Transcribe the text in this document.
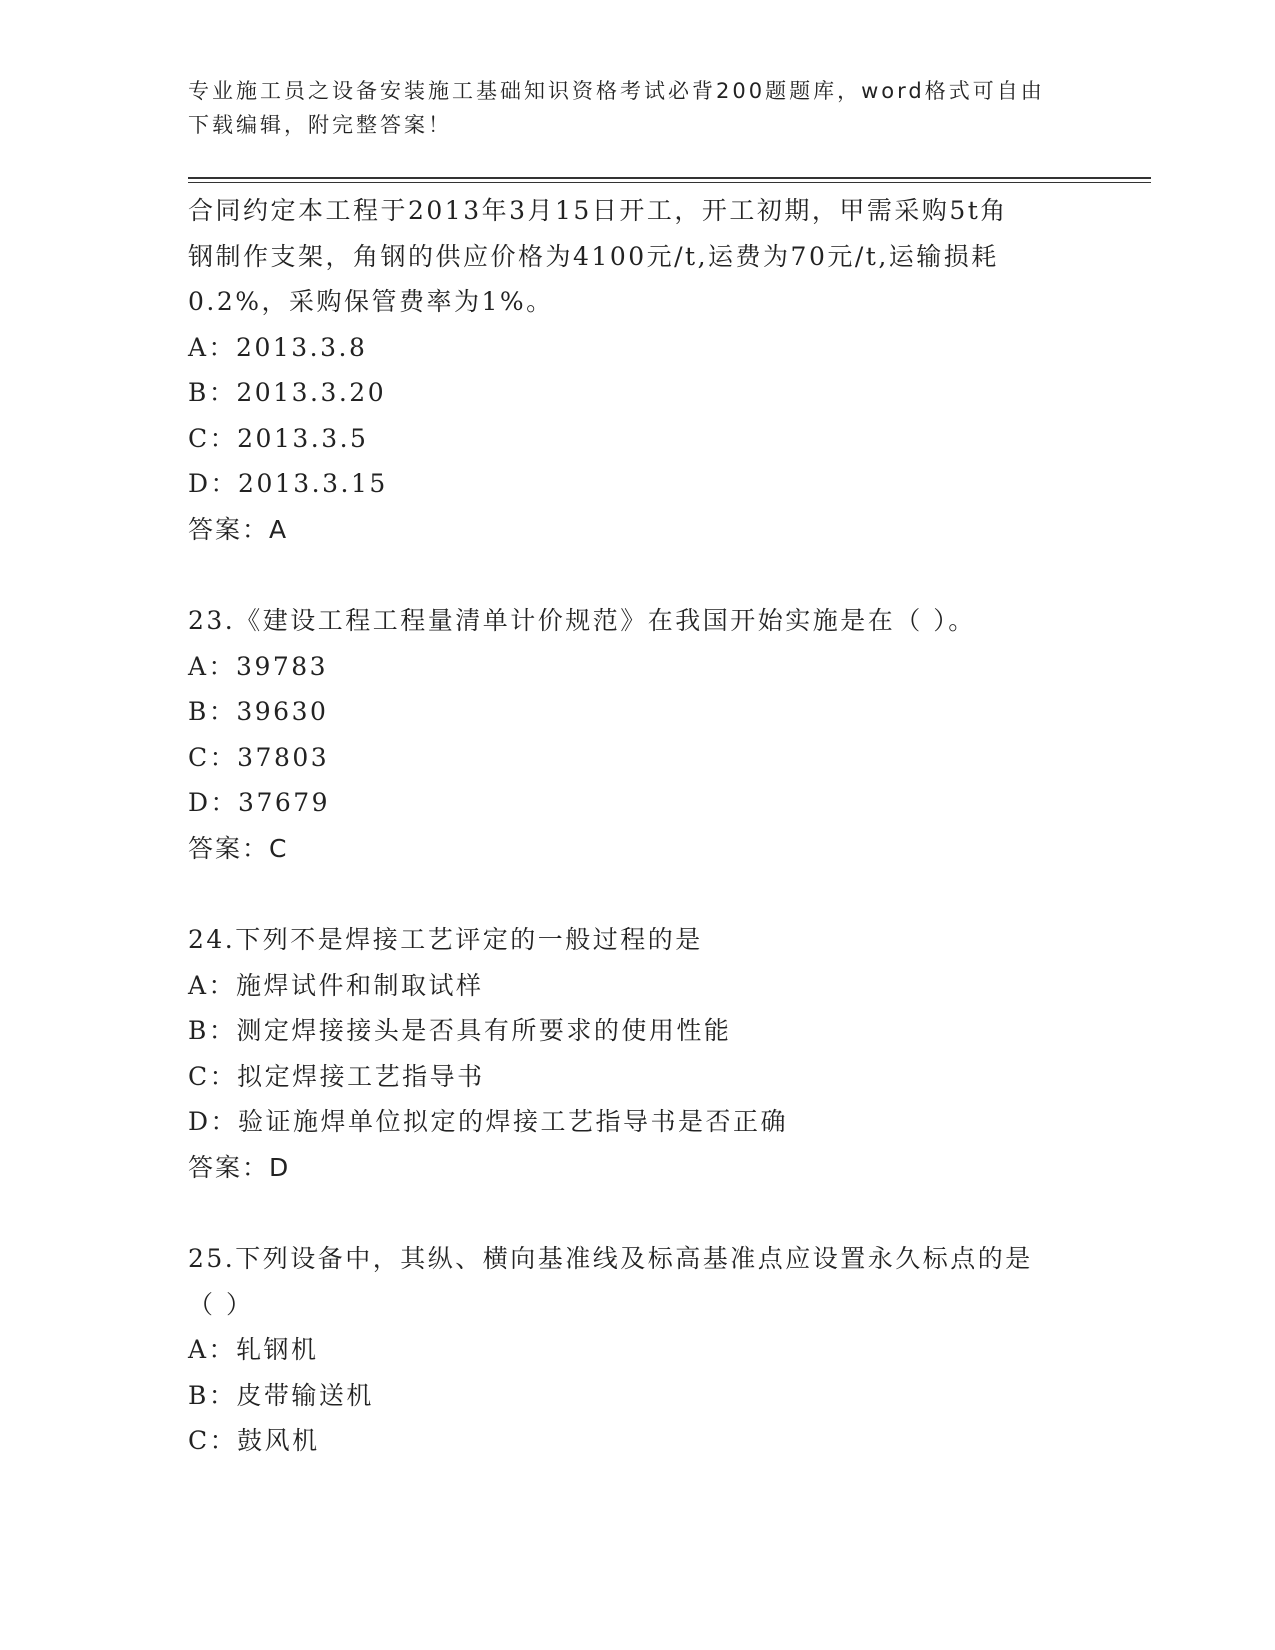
专业施工员之设备安装施工基础知识资格考试必背200题题库，word格式可自由
下载编辑，附完整答案！

合同约定本工程于2013年3月15日开工，开工初期，甲需采购5t角

钢制作支架，角钢的供应价格为4100元/t,运费为70元/t,运输损耗

0.2%，采购保管费率为1%。

A：2013.3.8

B：2013.3.20

C：2013.3.5

D：2013.3.15

答案：A

23.《建设工程工程量清单计价规范》在我国开始实施是在（ ）。

A：39783

B：39630

C：37803

D：37679

答案：C

24.下列不是焊接工艺评定的一般过程的是

A：施焊试件和制取试样

B：测定焊接接头是否具有所要求的使用性能

C：拟定焊接工艺指导书

D：验证施焊单位拟定的焊接工艺指导书是否正确

答案：D

25.下列设备中，其纵、横向基准线及标高基准点应设置永久标点的是

（ ）

A：轧钢机

B：皮带输送机

C：鼓风机
